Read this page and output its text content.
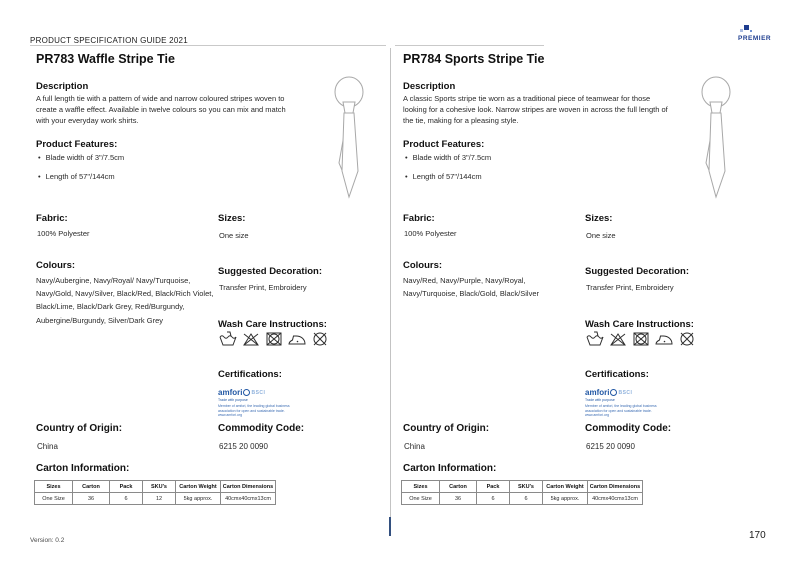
PRODUCT SPECIFICATION GUIDE 2021	PREMIER
PR783 Waffle Stripe Tie
Description

A full length tie with a pattern of wide and narrow coloured stripes woven to create a waffle effect. Available in twelve colours so you can mix and match with your everyday work shirts.

Product Features:
• Blade width of 3"/7.5cm
• Length of 57"/144cm
Fabric:
100% Polyester
Sizes:
One size
Colours:
Navy/Aubergine, Navy/Royal/ Navy/Turquoise, Navy/Gold, Navy/Silver, Black/Red, Black/Rich Violet, Black/Lime, Black/Dark Grey, Red/Burgundy, Aubergine/Burgundy, Silver/Dark Grey
Suggested Decoration:
Transfer Print, Embroidery
Wash Care Instructions:
Certifications:
amfori BSCI
Trade with purpose
Member of amfori, the leading global business association for open and sustainable trade. www.amfori.org
Country of Origin:
China
Commodity Code:
6215 20 0090
Carton Information:
Sizes	Carton	Pack	SKU's	Carton Weight	Carton Dimensions
One Size	36	6	12	5kg approx.	40cmx40cmx13cm
PR784 Sports Stripe Tie
Description

A classic Sports stripe tie worn as a traditional piece of teamwear for those looking for a cohesive look. Narrow stripes are woven in across the full length of the tie, making for a pleasing style.

Product Features:
• Blade width of 3"/7.5cm
• Length of 57"/144cm
Fabric:
100% Polyester
Sizes:
One size
Colours:
Navy/Red, Navy/Purple, Navy/Royal, Navy/Turquoise, Black/Gold, Black/Silver
Suggested Decoration:
Transfer Print, Embroidery
Wash Care Instructions:
Certifications:
amfori BSCI
Trade with purpose
Member of amfori, the leading global business association for open and sustainable trade. www.amfori.org
Country of Origin:
China
Commodity Code:
6215 20 0090
Carton Information:
Sizes	Carton	Pack	SKU's	Carton Weight	Carton Dimensions
One Size	36	6	6	5kg approx.	40cmx40cmx13cm
Version: 0.2	170
